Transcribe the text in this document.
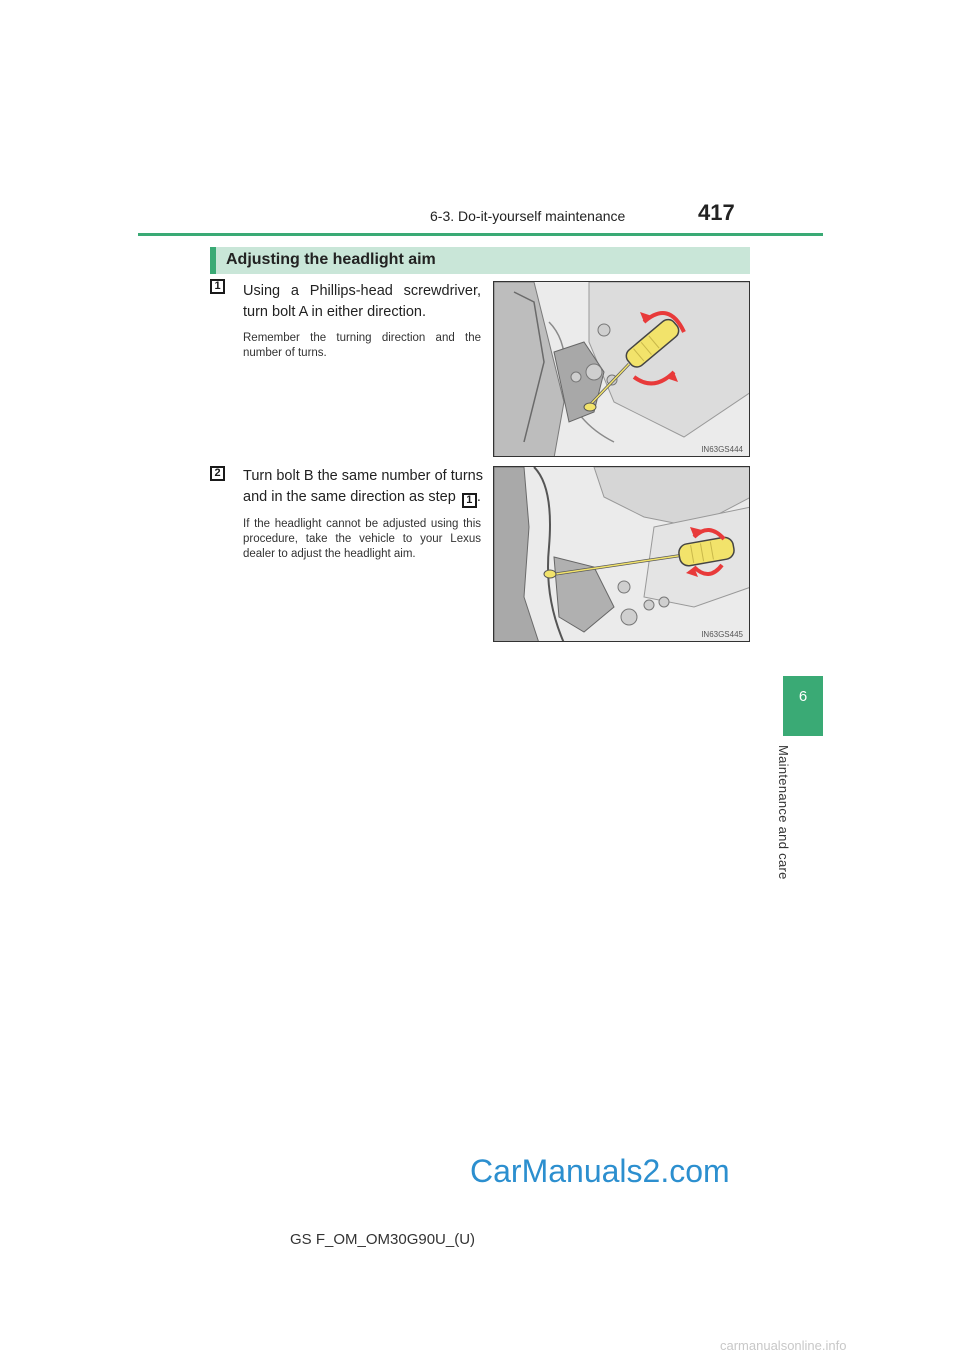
6-3. Do-it-yourself maintenance	417
6
Maintenance and care
Adjusting the headlight aim
1	Using a Phillips-head screwdriver, turn bolt A in either direction.
Remember the turning direction and the number of turns.
IN63GS444
2	Turn bolt B the same number of turns and in the same direction as step 1 .
If the headlight cannot be adjusted using this procedure, take the vehicle to your Lexus dealer to adjust the headlight aim.
IN63GS445
CarManuals2.com
GS F_OM_OM30G90U_(U)
carmanualsonline.info
